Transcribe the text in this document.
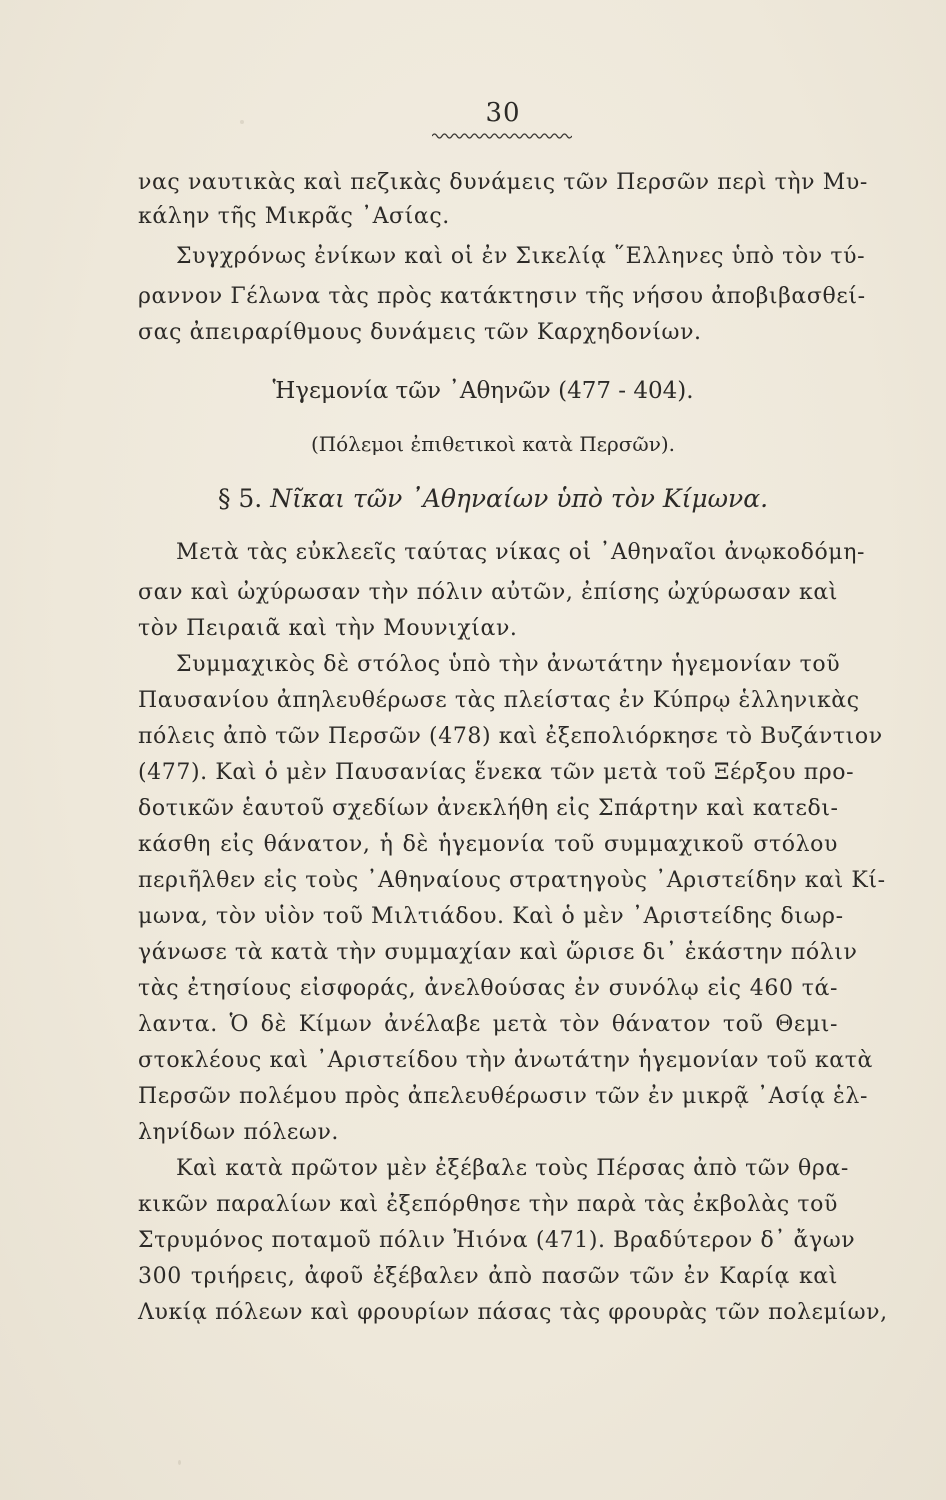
30
νας ναυτικὰς καὶ πεζικὰς δυνάμεις τῶν Περσῶν περὶ τὴν Μυ-
κάλην τῆς Μικρᾶς ᾿Ασίας.
Συγχρόνως ἐνίκων καὶ οἱ ἐν Σικελίᾳ ῞Ελληνες ὑπὸ τὸν τύ-
ραννον Γέλωνα τὰς πρὸς κατάκτησιν τῆς νήσου ἀποβιβασθεί-
σας ἀπειραρίθμους δυνάμεις τῶν Καρχηδονίων.
Ἡγεμονία τῶν ᾿Αθηνῶν (477 - 404).
(Πόλεμοι ἐπιθετικοὶ κατὰ Περσῶν).
§ 5. Νῖκαι τῶν ᾿Αθηναίων ὑπὸ τὸν Κίμωνα.
Μετὰ τὰς εὐκλεεῖς ταύτας νίκας οἱ ᾿Αθηναῖοι ἀνῳκοδόμη-
σαν καὶ ὠχύρωσαν τὴν πόλιν αὐτῶν, ἐπίσης ὠχύρωσαν καὶ
τὸν Πειραιᾶ καὶ τὴν Μουνιχίαν.
Συμμαχικὸς δὲ στόλος ὑπὸ τὴν ἀνωτάτην ἡγεμονίαν τοῦ
Παυσανίου ἀπηλευθέρωσε τὰς πλείστας ἐν Κύπρῳ ἑλληνικὰς
πόλεις ἀπὸ τῶν Περσῶν (478) καὶ ἐξεπολιόρκησε τὸ Βυζάντιον
(477). Καὶ ὁ μὲν Παυσανίας ἕνεκα τῶν μετὰ τοῦ Ξέρξου προ-
δοτικῶν ἑαυτοῦ σχεδίων ἀνεκλήθη εἰς Σπάρτην καὶ κατεδι-
κάσθη εἰς θάνατον, ἡ δὲ ἡγεμονία τοῦ συμμαχικοῦ στόλου
περιῆλθεν εἰς τοὺς ᾿Αθηναίους στρατηγοὺς ᾿Αριστείδην καὶ Κί-
μωνα, τὸν υἱὸν τοῦ Μιλτιάδου. Καὶ ὁ μὲν ᾿Αριστείδης διωρ-
γάνωσε τὰ κατὰ τὴν συμμαχίαν καὶ ὥρισε δι᾿ ἑκάστην πόλιν
τὰς ἐτησίους εἰσφοράς, ἀνελθούσας ἐν συνόλῳ εἰς 460 τά-
λαντα. Ὁ δὲ Κίμων ἀνέλαβε μετὰ τὸν θάνατον τοῦ Θεμι-
στοκλέους καὶ ᾿Αριστείδου τὴν ἀνωτάτην ἡγεμονίαν τοῦ κατὰ
Περσῶν πολέμου πρὸς ἀπελευθέρωσιν τῶν ἐν μικρᾷ ᾿Ασίᾳ ἑλ-
ληνίδων πόλεων.
Καὶ κατὰ πρῶτον μὲν ἐξέβαλε τοὺς Πέρσας ἀπὸ τῶν θρα-
κικῶν παραλίων καὶ ἐξεπόρθησε τὴν παρὰ τὰς ἐκβολὰς τοῦ
Στρυμόνος ποταμοῦ πόλιν Ἠιόνα (471). Βραδύτερον δ᾿ ἄγων
300 τριήρεις, ἀφοῦ ἐξέβαλεν ἀπὸ πασῶν τῶν ἐν Καρίᾳ καὶ
Λυκίᾳ πόλεων καὶ φρουρίων πάσας τὰς φρουρὰς τῶν πολεμίων,
